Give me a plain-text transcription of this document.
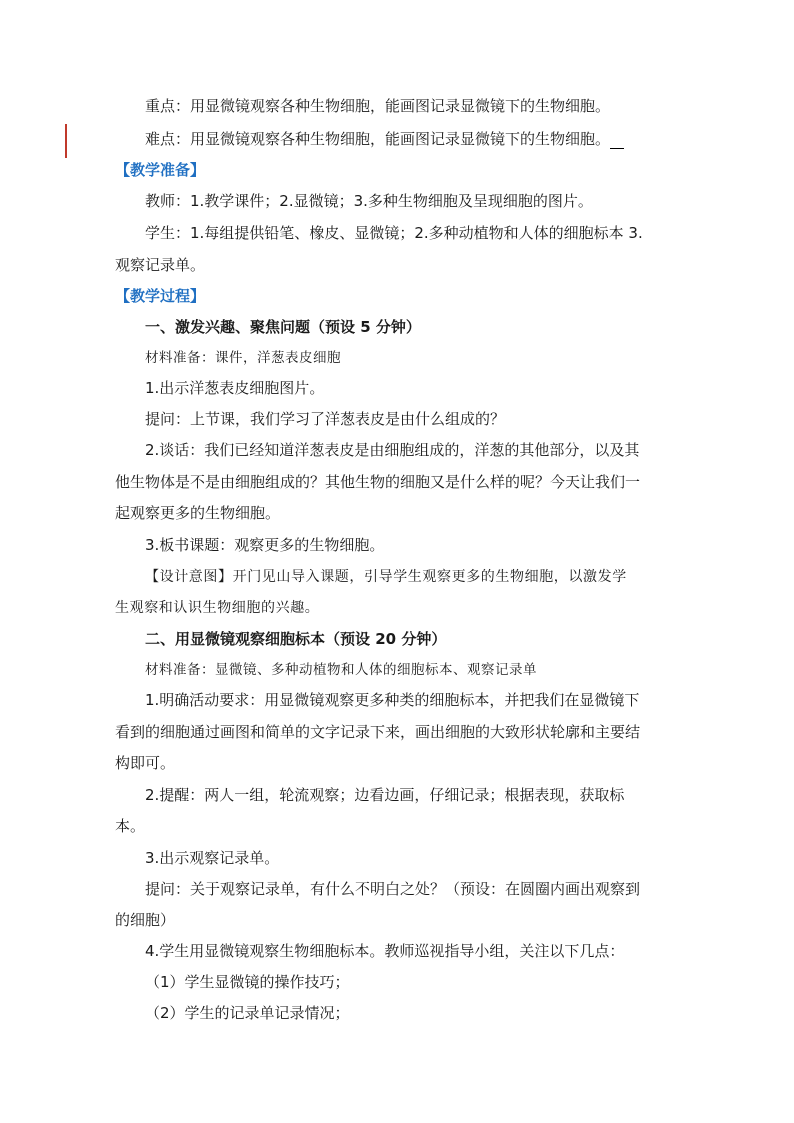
重点：用显微镜观察各种生物细胞，能画图记录显微镜下的生物细胞。
难点：用显微镜观察各种生物细胞，能画图记录显微镜下的生物细胞。
【教学准备】
教师：1.教学课件；2.显微镜；3.多种生物细胞及呈现细胞的图片。
学生：1.每组提供铅笔、橡皮、显微镜；2.多种动植物和人体的细胞标本 3.
观察记录单。
【教学过程】
一、激发兴趣、聚焦问题（预设 5 分钟）
材料准备：课件，洋葱表皮细胞
1.出示洋葱表皮细胞图片。
提问：上节课，我们学习了洋葱表皮是由什么组成的？
2.谈话：我们已经知道洋葱表皮是由细胞组成的，洋葱的其他部分，以及其
他生物体是不是由细胞组成的？其他生物的细胞又是什么样的呢？今天让我们一
起观察更多的生物细胞。
3.板书课题：观察更多的生物细胞。
【设计意图】开门见山导入课题，引导学生观察更多的生物细胞，以激发学
生观察和认识生物细胞的兴趣。
二、用显微镜观察细胞标本（预设 20 分钟）
材料准备：显微镜、多种动植物和人体的细胞标本、观察记录单
1.明确活动要求：用显微镜观察更多种类的细胞标本，并把我们在显微镜下
看到的细胞通过画图和简单的文字记录下来，画出细胞的大致形状轮廓和主要结
构即可。
2.提醒：两人一组，轮流观察；边看边画，仔细记录；根据表现，获取标
本。
3.出示观察记录单。
提问：关于观察记录单，有什么不明白之处？（预设：在圆圈内画出观察到
的细胞）
4.学生用显微镜观察生物细胞标本。教师巡视指导小组，关注以下几点：
（1）学生显微镜的操作技巧；
（2）学生的记录单记录情况；
